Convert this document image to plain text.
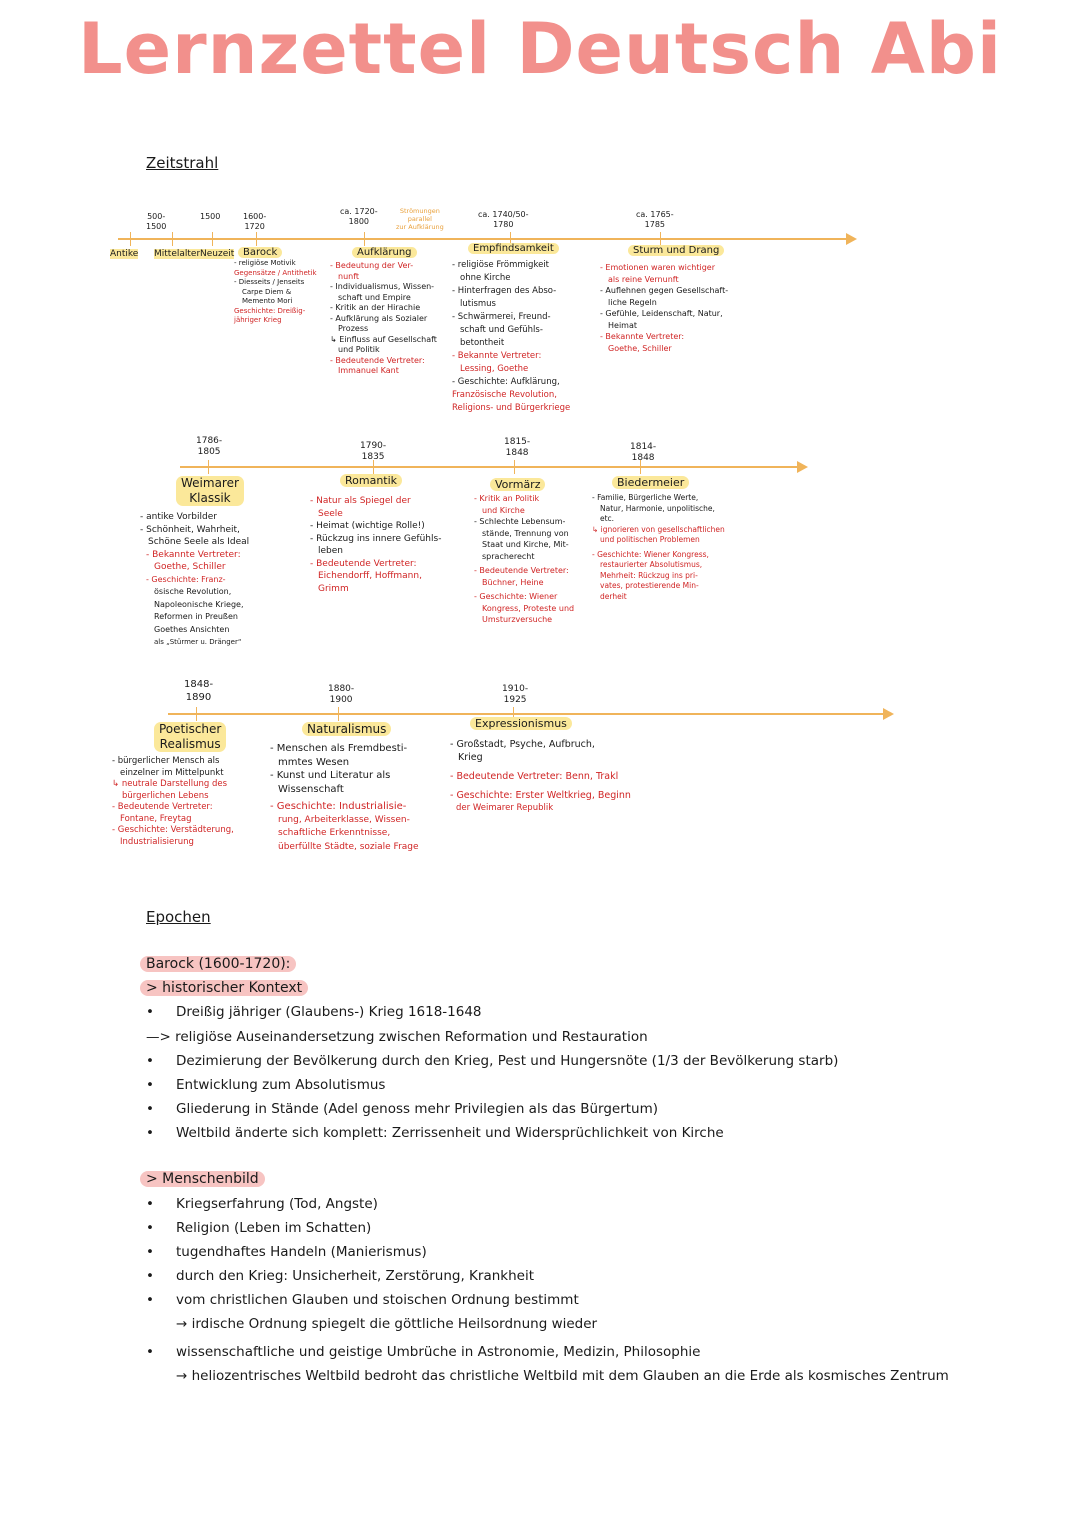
Lernzettel Deutsch Abi
Zeitstrahl
500-
1500
1500	1600-
1720
ca. 1720-
1800
Strömungen
parallel
zur Aufklärung
ca. 1740/50-
1780
ca. 1765-
1785
Antike Mittelalter Neuzeit Barock	Aufklärung	Empfindsamkeit	Sturm und Drang
- religiöse Motivik
Gegensätze / Antithetik
- Diesseits / Jenseits
Carpe Diem &
Memento Mori
Geschichte: Dreißig-
jähriger Krieg
- Bedeutung der Ver-
nunft
- Individualismus, Wissen-
schaft und Empire
- Kritik an der Hirachie
- Aufklärung als Sozialer
Prozess
↳ Einfluss auf Gesellschaft
und Politik
- Bedeutende Vertreter:
Immanuel Kant
- religiöse Frömmigkeit
ohne Kirche
- Hinterfragen des Abso-
lutismus
- Schwärmerei, Freund-
schaft und Gefühls-
betontheit
- Bekannte Vertreter:
Lessing, Goethe
- Geschichte: Aufklärung,
Französische Revolution,
Religions- und Bürgerkriege
- Emotionen waren wichtiger
als reine Vernunft
- Auflehnen gegen Gesellschaft-
liche Regeln
- Gefühle, Leidenschaft, Natur,
Heimat
- Bekannte Vertreter:
Goethe, Schiller
1786-
1805
1790-
1835
1815-
1848
1814-
1848
Weimarer
Klassik
Romantik	Vormärz	Biedermeier
- antike Vorbilder
- Schönheit, Wahrheit,
Schöne Seele als Ideal
- Bekannte Vertreter:
Goethe, Schiller
- Geschichte: Franz-
ösische Revolution,
Napoleonische Kriege,
Reformen in Preußen
Goethes Ansichten
als „Stürmer u. Dränger“
- Natur als Spiegel der
Seele
- Heimat (wichtige Rolle!)
- Rückzug ins innere Gefühls-
leben
- Bedeutende Vertreter:
Eichendorff, Hoffmann,
Grimm
- Kritik an Politik
und Kirche
- Schlechte Lebensum-
stände, Trennung von
Staat und Kirche, Mit-
spracherecht
- Bedeutende Vertreter:
Büchner, Heine
- Geschichte: Wiener
Kongress, Proteste und
Umsturzversuche
- Familie, Bürgerliche Werte,
Natur, Harmonie, unpolitische,
etc.
↳ ignorieren von gesellschaftlichen
und politischen Problemen
- Geschichte: Wiener Kongress,
restaurierter Absolutismus,
Mehrheit: Rückzug ins pri-
vates, protestierende Min-
derheit
1848-
1890
1880-
1900
1910-
1925
Poetischer
Realismus
Naturalismus	Expressionismus
- bürgerlicher Mensch als
einzelner im Mittelpunkt
↳ neutrale Darstellung des
bürgerlichen Lebens
- Bedeutende Vertreter:
Fontane, Freytag
- Geschichte: Verstädterung,
Industrialisierung
- Menschen als Fremdbesti-
mmtes Wesen
- Kunst und Literatur als
Wissenschaft
- Geschichte: Industrialisie-
rung, Arbeiterklasse, Wissen-
schaftliche Erkenntnisse,
überfüllte Städte, soziale Frage
- Großstadt, Psyche, Aufbruch,
Krieg
- Bedeutende Vertreter: Benn, Trakl
- Geschichte: Erster Weltkrieg, Beginn
der Weimarer Republik
Epochen
Barock (1600-1720):
> historischer Kontext
• Dreißig jähriger (Glaubens-) Krieg 1618-1648
—> religiöse Auseinandersetzung zwischen Reformation und Restauration
• Dezimierung der Bevölkerung durch den Krieg, Pest und Hungersnöte (1/3 der Bevölkerung starb)
• Entwicklung zum Absolutismus
• Gliederung in Stände (Adel genoss mehr Privilegien als das Bürgertum)
• Weltbild änderte sich komplett: Zerrissenheit und Widersprüchlichkeit von Kirche
> Menschenbild
• Kriegserfahrung (Tod, Angste)
• Religion (Leben im Schatten)
• tugendhaftes Handeln (Manierismus)
• durch den Krieg: Unsicherheit, Zerstörung, Krankheit
• vom christlichen Glauben und stoischen Ordnung bestimmt
→ irdische Ordnung spiegelt die göttliche Heilsordnung wieder
• wissenschaftliche und geistige Umbrüche in Astronomie, Medizin, Philosophie
→ heliozentrisches Weltbild bedroht das christliche Weltbild mit dem Glauben an die Erde als kosmisches Zentrum
